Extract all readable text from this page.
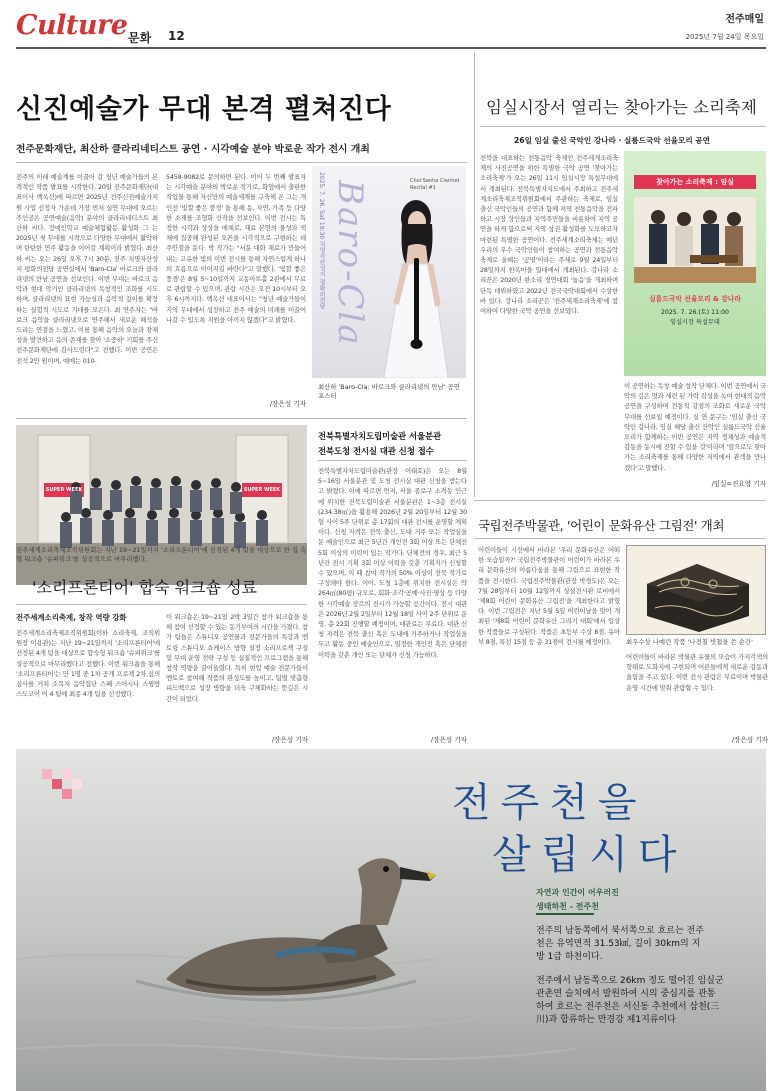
Culture 문화 12
전주매일
2025년 7월 24일 목요일
신진예술가 무대 본격 펼쳐진다
전주문화재단, 최산하 클라리네티스트 공연 · 시각예술 분야 박로운 작가 전시 개최
전주의 미래 예술계를 이끌어 갈 청년 예술가들의 본격적인 작품 발표를 시작한다. 20일 전주문화재단(대표이사 백옥선)에 따르면 2025년 전주신진예술가지원 사업 선정자 가운데 가장 먼저 실연 무대에 오르는 주인공은 공연예술(음악) 분야의 클라리네티스트 최산하 씨다. 장애인학교 예술체험활동 활성화 그 는 2025년 첫 무대를 시작으로 다양한 무대에서 활약하며 탄탄한 연주 활동을 이어갈 계획이라 밝혔다. 최산하 씨는 오는 26일 오후 7시 30분, 전주 치명자산성지 평화의전당 공연실에서 'Baro-Cla' 바로크와 클라리넷의 만남 공연을 선보인다. 이번 무대는 바로크 음악과 현대 악기인 클라리넷의 독창적인 조화를 시도하며, 클라리넷의 표현 가능성과 음악적 깊이를 확장하는 실험적 시도로 기대를 모은다. 최 연주자는 "바로크 음악을 클라리넷으로 연주해서 새로운 해석을 드리는 연결을 느꼈고, 이를 통해 음악의 오늘과 잠재성을 발견하고 음의 존재를 찾아 '소중하' 기회를 주신 전주문화재단에 감사드린다"고 전했다. 이번 공연은 전석 2만 원이며, 예매는 010-
5458-9082로 문의하면 된다. 이어 두 번째 발표자는 시각예술 분야의 박로운 작가로, 화엄에서 출판한 작업물 통해 자신만의 예술세계를 구축해 온 그는 개인전 '빛깔 좋은 풍경' 을 통해 동, 자연, 가족 등 다양한 소재를 조형화 신작을 선보인다. 이번 전시는 특정한 시각과 상상을 매체로, 재료 본연의 물성과 색채에 집중해 완성된 오픈을 시각적으로 구현하는 데 주안점을 둔다. 박 작가는 "서툰 대화 재료가 만들어내는 고유한 빛의 이번 전시를 통해 자연스럽게 하나의 흐름으로 이어지길 바란다"고 말했다. '빛깔 좋은 풍경'은 8월 5~10일까지 교동아트홀 2관에서 무료로 관람할 수 있으며, 관람 시간은 오전 10시부터 오후 6시까지다. 백옥선 대표이사는 "청년 예술가들이 지역 무대에서 성장하고 전주 예술의 미래를 이끌어 나갈 수 있도록 지원을 아끼지 않겠다"고 밝혔다.
/장은성 기자
2025. 7. 26. Sat 19:30 치명자산성지 평화의전당 Baro-Cla	Choi Sanha Clarinet Recital #1
최산하 'Baro-Cla: 바로크와 클라리넷의 만남' 공연 포스터
임실시장서 열리는 찾아가는 소리축제
26일 임실 출신 국악인 강나라 · 실룸드국악 선율모리 공연
전북을 대표하는 전통음악 축제인 전주세계소리축제의 사전공연을 위한 특별한 국악 공연 '찾아가는 소리축제'가 오는 26일 11시 임실시장 특설무대에서 개최된다. 전북특별자치도에서 주최하고 전주세계소리축제조직위원회에서 주관하는 축제로, 임실 출신 국악인들의 공연과 함께 지역 전통음악을 전파하고 시장 상인들과 지역주민들을 비롯하여 지역 공연을 하게 함으로써 지역 상권 활성화를 도모하고자 마련된 특별한 공연이다. 전주세계소리축제는 매년 우리의 우수 국악인들이 참여하는 공연과 전통음악 축제로 올해는 '공명'이라는 주제로 9월 24일부터 28일까지 한옥마을 일대에서 개최된다. 강나라 소리꾼은 2020년 판소리 경연대회 '놀음'을 개최하며 단독 데뷔하였고 2022년 전국국악대회에서 수상한 바 있다. 강나라 소리꾼은 '전주세계소리축제'에 참여하여 다양한 국악 공연을 선보였다.
찾아가는 소리축제 : 임실
실룸드국악 선율모리 & 강나라
2025. 7. 26.(토) 11:00
임실시장 특설무대
이 공연하는 독창 예술 창작 단체다. 이번 공연에서 국악의 깊은 멋과 세련 된 가락 감성을 녹여 현대적 음악 공연을 구성하며 전통적 강점의 조화로 새로운 국악 무대를 선보일 예정이다. 실 연 문구는 '임실 출신 국악인 강나라, 임실 해당 출신 산악인 실룸드국악 선율모리가 함께하는 이번 공연은 지역 정체성과 예술적 감동을 동시에 전할 수 있을 것'이라며 '앞으로도 찾아가는 소리축제를 통해 다양한 지역에서 관객을 만나겠다'고 말했다.
/임실=진요영 기자
SUPER WEEK	SUPER WEEK
전주세계소리축제조직위원회는 지난 19~21일까지 '소리프론티어'에 선정된 4개 팀을 대상으로 한 집 속형 워크숍 '슈퍼위크'를 성공적으로 마무리했다.
전북특별자치도립미술관 서울분관
전북도청 전시실 대관 신청 접수
전북특별자치도립미술관(관장 이태호)은 오는 8월 5~16일 서울분관 및 도청 전시실 대관 신청을 받는다고 밝혔다. 이에 따르면 먼저, 서울 종로구 소격동 인근에 위치한 전북도립미술관 서울분관은 1~3층 전시실(234.38㎡)을 활용해 2026년 2월 20일부터 12월 30일 사이 5주 단위로 총 17회의 대관 전시를 운영할 계획이다. 신청 자격은 전북 출신, 도내 거주 또는 작업실을 둔 예술인으로 최근 5년간 개인전 3회 이상 또는 단체전 5회 이상의 이력이 있는 작가다. 단체전의 경우, 최근 5년간 전시 기획 3회 이상 이력을 갖춘 기획자가 신청할 수 있으며, 이 때 참여 작가의 50% 이상이 전북 작가로 구성돼야 한다. 이어, 도청 1층에 위치한 전시실은 약 264㎡(80평) 규모로, 회화·조각·공예·사진·영상 등 다양한 시각예술 장르의 전시가 가능할 공간이다. 전시 대관은 2026년 2월 2일부터 12월 18일 사이 2주 단위로 운영, 총 22회 진행할 예정이며, 대관료는 무료다. 대관 신청 자격은 전북 출신 혹은 도내에 거주하거나 작업실을 두고 활동 중인 예술인으로, 일정한 개인전 혹은 단체전 이력을 갖춘 개인 또는 단체가 신청 가능하다.
/장은성 기자
'소리프론티어' 합숙 워크숍 성료
전주세계소리축제, 창작 역량 강화
전주세계소리축제조직위원회(이하 소리축제, 조직위원장 이용관)는 지난 19~21일까지 '소리프론티어'에 선정된 4개 팀을 대상으로 합숙형 워크숍 '슈퍼위크'를 성공적으로 마무리했다고 전했다. 이번 워크숍을 통해 '소리프론티어'는 만 1명 중 1차 공개 프로젝 2차 심의 심사를 거쳐 소목지 음악집단 스페 스어시나 스윙방 스도코어 이 4 팀에 최종 4개 팀을 선정했다.
이 워크숍은 19~21일 2박 3일간 참가 워크숍을 통해 참여 선정할 수 있는 동기부여의 시간을 가졌다. 참가 팀들은 스튜디오 공연물과 전문가들의 특강과 멘토링 스튜디오 쇼케이스 방향 설정 소리프로젝 구성 및 무대 운영 전략 구성 등 실질적인 프로그램을 통해 창작 역량을 끌어올렸다. 특히 현업 예술 전문가들이 멘토로 참여해 작품의 완성도를 높이고, 팀별 맞춤형 피드백으로 성장 방향을 더욱 구체화하는 뜻깊은 시간이 되었다.
/장은성 기자
국립전주박물관, '어린이 문화유산 그림전' 개최
어린이들이 시선에서 바라본 '우리 문화유산은 어떠한 모습일까?' 국립전주박물관이 어린이가 바라본 우리 문화유산의 아름다움을 통해 그림으로 표현한 작품을 전시한다. 국립전주박물관(관장 박경도)은 오는 7월 28일부터 10월 12일까지 상설전시관 로비에서 '제8회 어린이 문화유산 그림전'을 개최한다고 밝혔다. 이번 그림전은 지난 5월 5일 어린이날을 맞아 개최된 '제8회 어린이 문화유산 그리기 대회'에서 입상한 작품들로 구성된다. 작품은 초등부 수상 8점, 유아부 8점, 특선 15점 등 총 31점이 전시될 예정이다.	최우수상 나예린 작품 '나전칠 빗첩을 쓴 순간'
어린이들이 바라본 박물관 유물의 모습이 가지각색의 형태로 도화지에 구현되며 어른들에게 새로운 감동과 울림을 주고 있다. 이번 전시 관람은 무료이며 박물관 운영 시간에 맞춰 관람할 수 있다.
/장은성 기자
전주천을
살립시다
자연과 인간이 어우러진
생태하천 - 전주천
전주의 남동쪽에서 북서쪽으로 흐르는 전주천은 유역면적 31.53㎢, 길이 30km의 지방 1급 하천이다.
전주에서 남동쪽으로 26km 정도 떨어진 임실군 관촌면 슬치에서 발원하여 시의 중심지를 관통 하여 흐르는 전주천은 서신동 추천에서 삼천(三川)과 합류하는 만경강 제1지류이다
